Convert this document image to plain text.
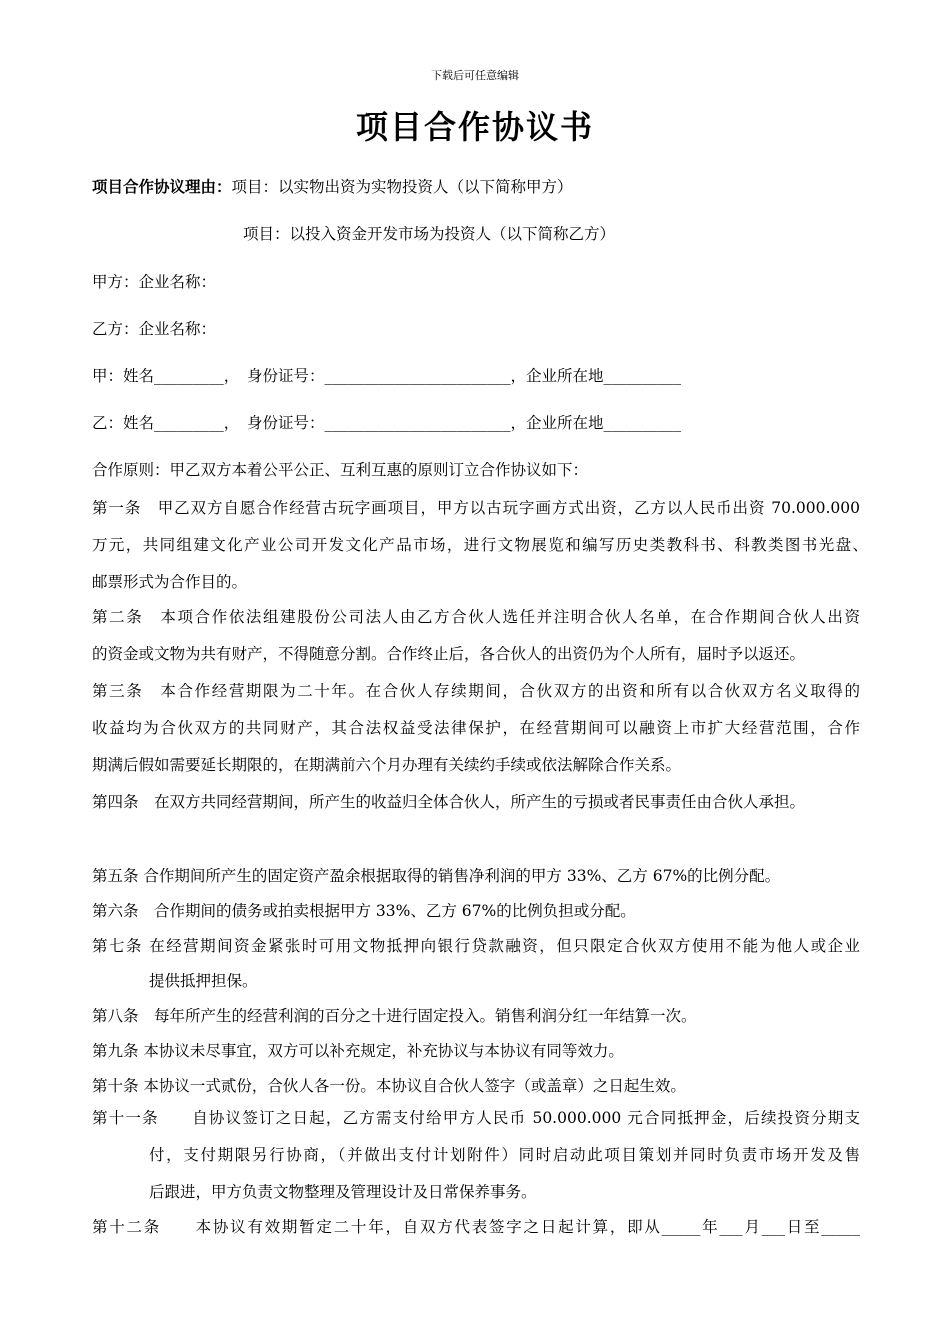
下载后可任意编辑
项目合作协议书
项目合作协议理由：项目：以实物出资为实物投资人（以下简称甲方）
项目：以投入资金开发市场为投资人（以下简称乙方）
甲方：企业名称：
乙方：企业名称：
甲：姓名_________，　身份证号：________________________，企业所在地__________
乙：姓名_________，　身份证号：________________________，企业所在地__________
合作原则：甲乙双方本着公平公正、互利互惠的原则订立合作协议如下：
第一条　甲乙双方自愿合作经营古玩字画项目，甲方以古玩字画方式出资，乙方以人民币出资 70.000.000
万元，共同组建文化产业公司开发文化产品市场，进行文物展览和编写历史类教科书、科教类图书光盘、
邮票形式为合作目的。
第二条　本项合作依法组建股份公司法人由乙方合伙人选任并注明合伙人名单，在合作期间合伙人出资
的资金或文物为共有财产，不得随意分割。合作终止后，各合伙人的出资仍为个人所有，届时予以返还。
第三条　本合作经营期限为二十年。在合伙人存续期间，合伙双方的出资和所有以合伙双方名义取得的
收益均为合伙双方的共同财产，其合法权益受法律保护，在经营期间可以融资上市扩大经营范围，合作
期满后假如需要延长期限的，在期满前六个月办理有关续约手续或依法解除合作关系。
第四条　在双方共同经营期间，所产生的收益归全体合伙人，所产生的亏损或者民事责任由合伙人承担。
第五条 合作期间所产生的固定资产盈余根据取得的销售净利润的甲方 33%、乙方 67%的比例分配。
第六条　合作期间的债务或拍卖根据甲方 33%、乙方 67%的比例负担或分配。
第七条 在经营期间资金紧张时可用文物抵押向银行贷款融资，但只限定合伙双方使用不能为他人或企业
提供抵押担保。
第八条　每年所产生的经营利润的百分之十进行固定投入。销售利润分红一年结算一次。
第九条 本协议未尽事宜，双方可以补充规定，补充协议与本协议有同等效力。
第十条 本协议一式贰份，合伙人各一份。本协议自合伙人签字（或盖章）之日起生效。
第十一条　　自协议签订之日起，乙方需支付给甲方人民币 50.000.000 元合同抵押金，后续投资分期支
付，支付期限另行协商，（并做出支付计划附件）同时启动此项目策划并同时负责市场开发及售
后跟进，甲方负责文物整理及管理设计及日常保养事务。
第十二条　　本协议有效期暂定二十年，自双方代表签字之日起计算，即从_____年___月___日至_____
